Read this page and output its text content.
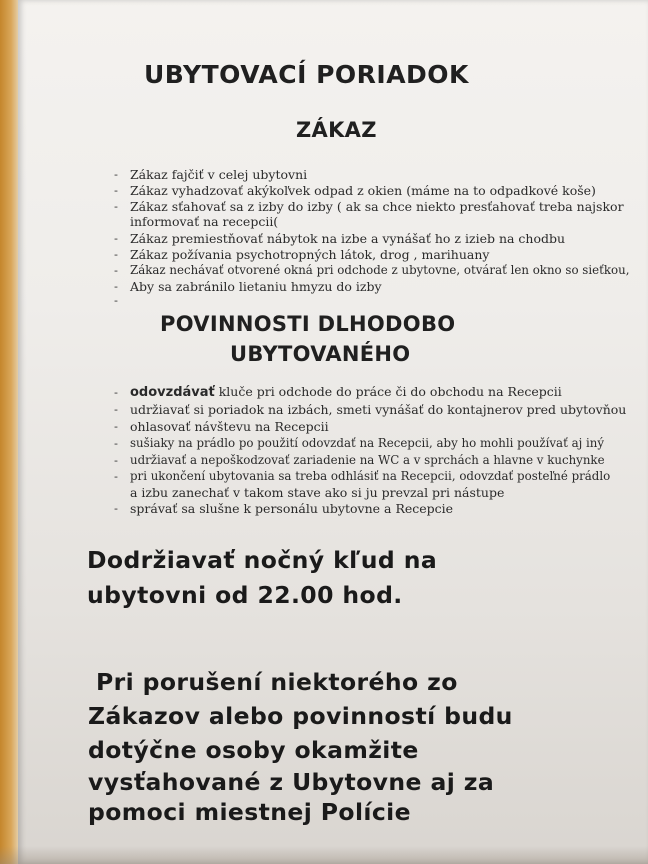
UBYTOVACÍ PORIADOK
ZÁKAZ
- Zákaz fajčiť v celej ubytovni
- Zákaz vyhadzovať akýkoľvek odpad z okien (máme na to odpadkové koše)
- Zákaz sťahovať sa z izby do izby ( ak sa chce niekto presťahovať treba najskor
informovať na recepcii(
- Zákaz premiestňovať nábytok na izbe a vynášať ho z izieb na chodbu
- Zákaz požívania psychotropných látok, drog , marihuany
- Zákaz nechávať otvorené okná pri odchode z ubytovne, otvárať len okno so sieťkou,
- Aby sa zabránilo lietaniu hmyzu do izby
-
POVINNOSTI DLHODOBO
UBYTOVANÉHO
- odovzdávať kluče pri odchode do práce či do obchodu na Recepcii
- udržiavať si poriadok na izbách, smeti vynášať do kontajnerov pred ubytovňou
- ohlasovať návštevu na Recepcii
- sušiaky na prádlo po použití odovzdať na Recepcii, aby ho mohli používať aj iný
- udržiavať a nepoškodzovať zariadenie na WC a v sprchách a hlavne v kuchynke
- pri ukončení ubytovania sa treba odhlásiť na Recepcii, odovzdať posteľné prádlo
a izbu zanechať v takom stave ako si ju prevzal pri nástupe
- správať sa slušne k personálu ubytovne a Recepcie
Dodržiavať nočný kľud na
ubytovni od 22.00 hod.
Pri porušení niektorého zo
Zákazov alebo povinností budu
dotýčne osoby okamžite
vysťahované z Ubytovne aj za
pomoci miestnej Polície
